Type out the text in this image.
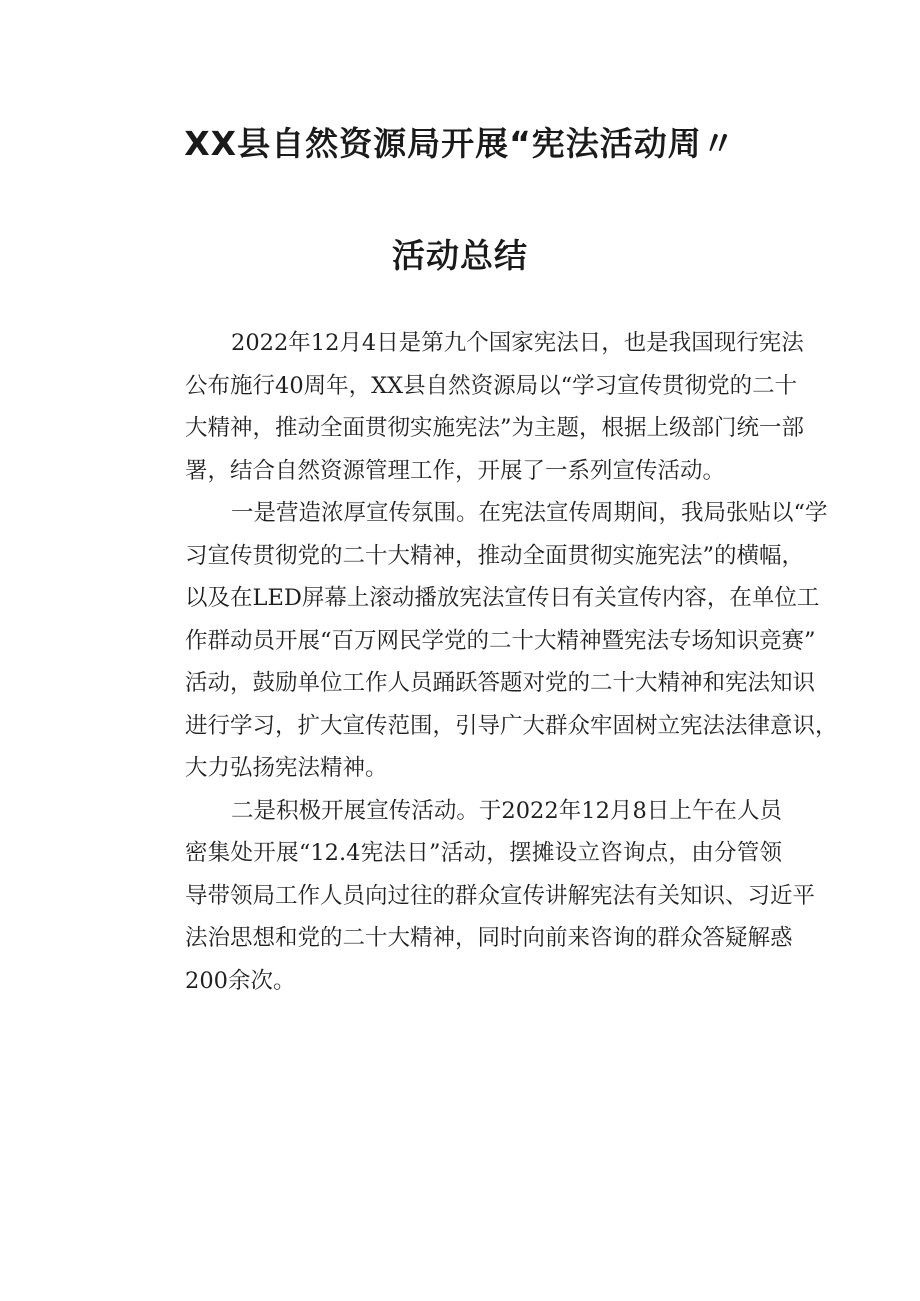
XX县自然资源局开展“宪法活动周〃
活动总结
2022年12月4日是第九个国家宪法日，也是我国现行宪法
公布施行40周年，XX县自然资源局以“学习宣传贯彻党的二十
大精神，推动全面贯彻实施宪法”为主题，根据上级部门统一部
署，结合自然资源管理工作，开展了一系列宣传活动。
一是营造浓厚宣传氛围。在宪法宣传周期间，我局张贴以“学
习宣传贯彻党的二十大精神，推动全面贯彻实施宪法”的横幅，
以及在LED屏幕上滚动播放宪法宣传日有关宣传内容，在单位工
作群动员开展“百万网民学党的二十大精神暨宪法专场知识竞赛”
活动，鼓励单位工作人员踊跃答题对党的二十大精神和宪法知识
进行学习，扩大宣传范围，引导广大群众牢固树立宪法法律意识，
大力弘扬宪法精神。
二是积极开展宣传活动。于2022年12月8日上午在人员
密集处开展“12.4宪法日”活动，摆摊设立咨询点，由分管领
导带领局工作人员向过往的群众宣传讲解宪法有关知识、习近平
法治思想和党的二十大精神，同时向前来咨询的群众答疑解惑
200余次。
